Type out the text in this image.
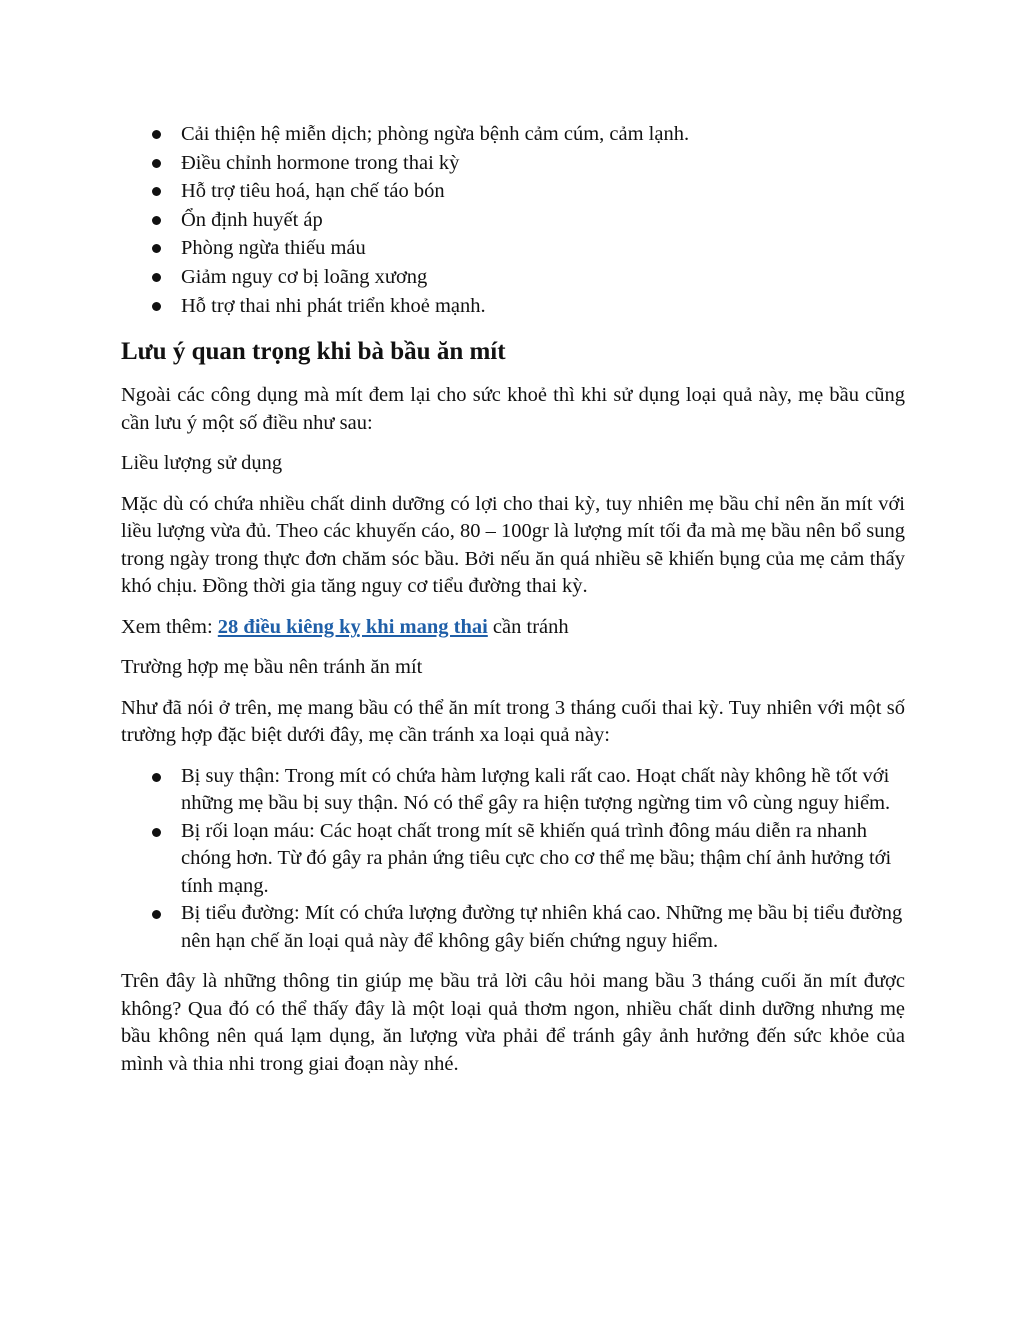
Cải thiện hệ miễn dịch; phòng ngừa bệnh cảm cúm, cảm lạnh.
Điều chỉnh hormone trong thai kỳ
Hỗ trợ tiêu hoá, hạn chế táo bón
Ổn định huyết áp
Phòng ngừa thiếu máu
Giảm nguy cơ bị loãng xương
Hỗ trợ thai nhi phát triển khoẻ mạnh.
Lưu ý quan trọng khi bà bầu ăn mít

Ngoài các công dụng mà mít đem lại cho sức khoẻ thì khi sử dụng loại quả này, mẹ bầu cũng cần lưu ý một số điều như sau:

Liều lượng sử dụng

Mặc dù có chứa nhiều chất dinh dưỡng có lợi cho thai kỳ, tuy nhiên mẹ bầu chỉ nên ăn mít với liều lượng vừa đủ. Theo các khuyến cáo, 80 – 100gr là lượng mít tối đa mà mẹ bầu nên bổ sung trong ngày trong thực đơn chăm sóc bầu. Bởi nếu ăn quá nhiều sẽ khiến bụng của mẹ cảm thấy khó chịu. Đồng thời gia tăng nguy cơ tiểu đường thai kỳ.

Xem thêm: 28 điều kiêng kỵ khi mang thai cần tránh

Trường hợp mẹ bầu nên tránh ăn mít

Như đã nói ở trên, mẹ mang bầu có thể ăn mít trong 3 tháng cuối thai kỳ. Tuy nhiên với một số trường hợp đặc biệt dưới đây, mẹ cần tránh xa loại quả này:

Bị suy thận: Trong mít có chứa hàm lượng kali rất cao. Hoạt chất này không hề tốt với những mẹ bầu bị suy thận. Nó có thể gây ra hiện tượng ngừng tim vô cùng nguy hiểm.
Bị rối loạn máu: Các hoạt chất trong mít sẽ khiến quá trình đông máu diễn ra nhanh chóng hơn. Từ đó gây ra phản ứng tiêu cực cho cơ thể mẹ bầu; thậm chí ảnh hưởng tới tính mạng.
Bị tiểu đường: Mít có chứa lượng đường tự nhiên khá cao. Những mẹ bầu bị tiểu đường nên hạn chế ăn loại quả này để không gây biến chứng nguy hiểm.

Trên đây là những thông tin giúp mẹ bầu trả lời câu hỏi mang bầu 3 tháng cuối ăn mít được không? Qua đó có thể thấy đây là một loại quả thơm ngon, nhiều chất dinh dưỡng nhưng mẹ bầu không nên quá lạm dụng, ăn lượng vừa phải để tránh gây ảnh hưởng đến sức khỏe của mình và thia nhi trong giai đoạn này nhé.
